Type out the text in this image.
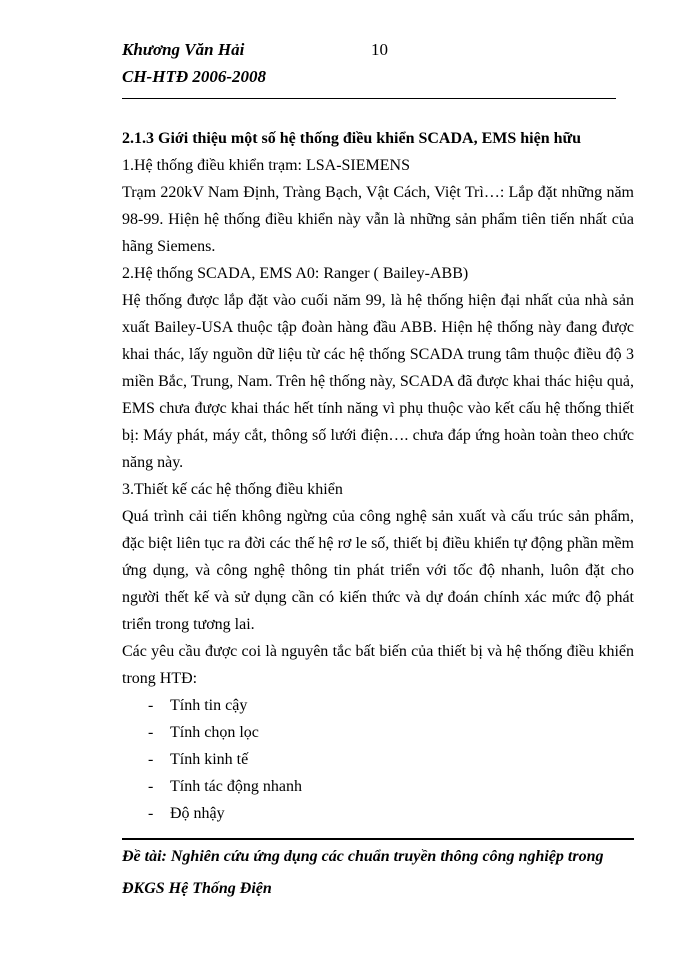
Khương Văn Hải	10
CH-HTĐ 2006-2008

2.1.3 Giới thiệu một số hệ thống điều khiển SCADA, EMS hiện hữu

1.Hệ thống điều khiển trạm: LSA-SIEMENS

Trạm 220kV Nam Định, Tràng Bạch, Vật Cách, Việt Trì…: Lắp đặt những năm 98-99. Hiện hệ thống điều khiển này vẫn là những sản phẩm tiên tiến nhất của hãng Siemens.

2.Hệ thống SCADA, EMS A0: Ranger ( Bailey-ABB)

Hệ thống được lắp đặt vào cuối năm 99, là hệ thống hiện đại nhất của nhà sản xuất Bailey-USA thuộc tập đoàn hàng đầu ABB. Hiện hệ thống này đang được khai thác, lấy nguồn dữ liệu từ các hệ thống SCADA trung tâm thuộc điều độ 3 miền Bắc, Trung, Nam. Trên hệ thống này, SCADA đã được khai thác hiệu quả, EMS chưa được khai thác hết tính năng vì phụ thuộc vào kết cấu hệ thống thiết bị: Máy phát, máy cắt, thông số lưới điện…. chưa đáp ứng hoàn toàn theo chức năng này.

3.Thiết kế các hệ thống điều khiển

Quá trình cải tiến không ngừng của công nghệ sản xuất và cấu trúc sản phẩm, đặc biệt liên tục ra đời các thế hệ rơ le số, thiết bị điều khiển tự động phần mềm ứng dụng, và công nghệ thông tin phát triển với tốc độ nhanh, luôn đặt cho người thết kế và sử dụng cần có kiến thức và dự đoán chính xác mức độ phát triển trong tương lai.

Các yêu cầu được coi là nguyên tắc bất biến của thiết bị và hệ thống điều khiển trong HTĐ:

- Tính tin cậy
- Tính chọn lọc
- Tính kinh tế
- Tính tác động nhanh
- Độ nhậy

Đề tài: Nghiên cứu ứng dụng các chuẩn truyền thông công nghiệp trong

ĐKGS Hệ Thống Điện
